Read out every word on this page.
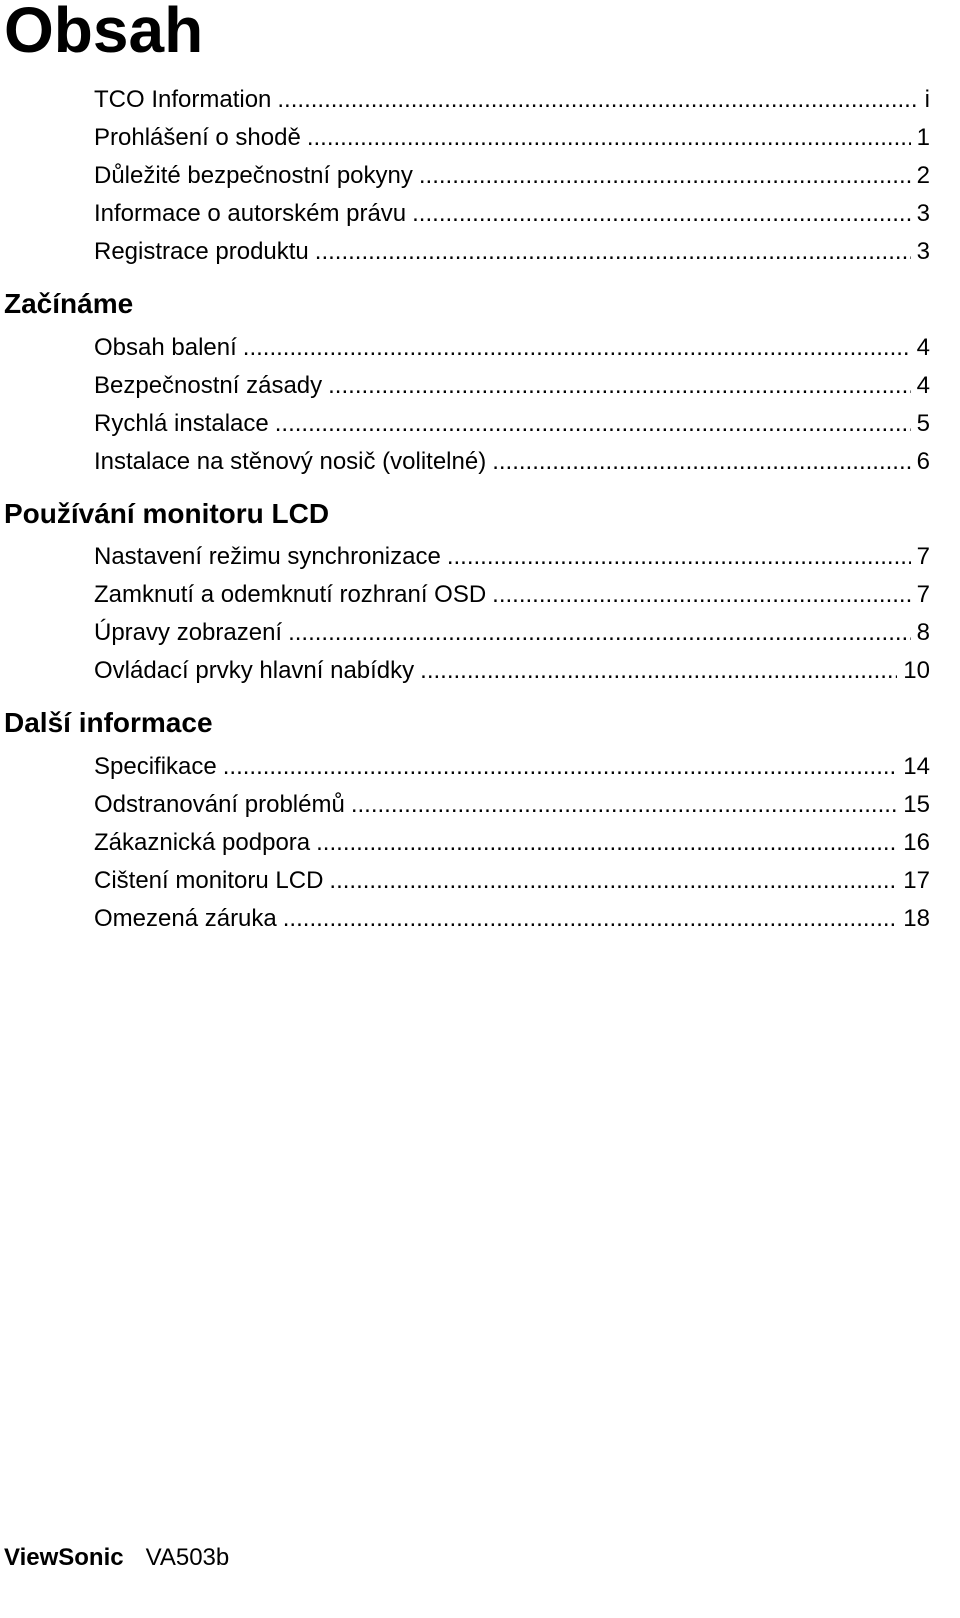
Obsah
TCO Information .....	i
Prohlášení o shodě .....	1
Důležité bezpečnostní pokyny .....	2
Informace o autorském právu .....	3
Registrace produktu .....	3
Začínáme
Obsah balení .....	4
Bezpečnostní zásady .....	4
Rychlá instalace .....	5
Instalace na stěnový nosič (volitelné) .....	6
Používání monitoru LCD
Nastavení režimu synchronizace .....	7
Zamknutí a odemknutí rozhraní OSD .....	7
Úpravy zobrazení .....	8
Ovládací prvky hlavní nabídky .....	10
Další informace
Specifikace .....	14
Odstranování problémů .....	15
Zákaznická podpora .....	16
Cištení monitoru LCD .....	17
Omezená záruka .....	18
ViewSonic VA503b
